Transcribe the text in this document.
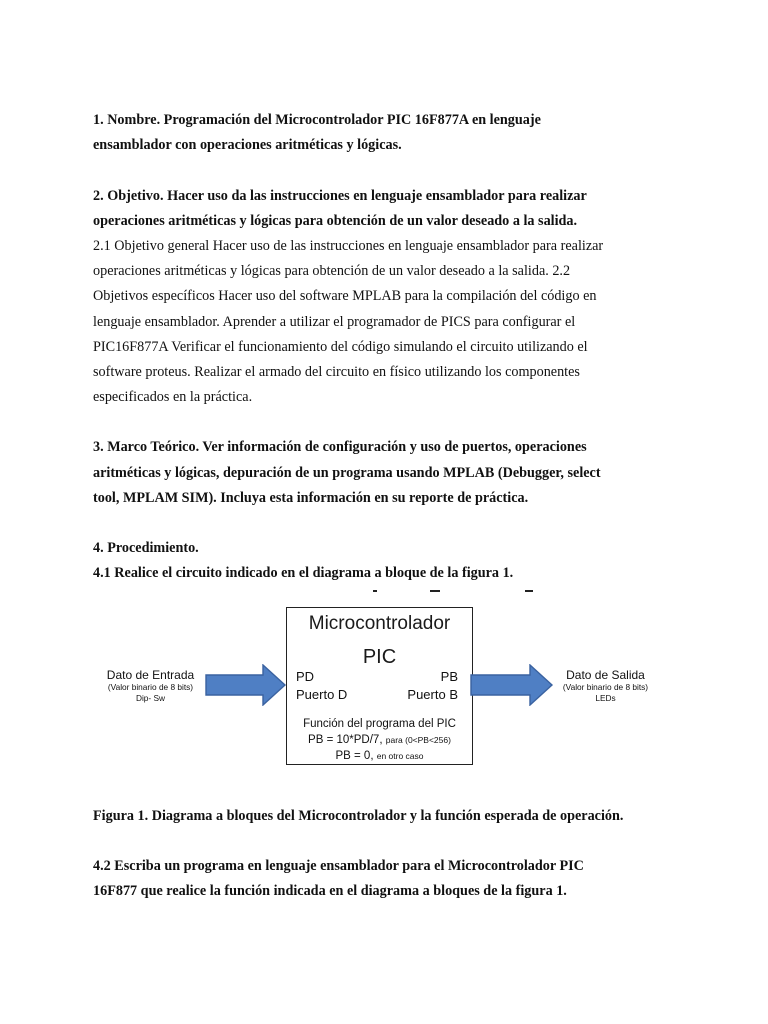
1. Nombre. Programación del Microcontrolador PIC 16F877A en lenguaje

ensamblador con operaciones aritméticas y lógicas.

2. Objetivo. Hacer uso da las instrucciones en lenguaje ensamblador para realizar

operaciones aritméticas y lógicas para obtención de un valor deseado a la salida.

2.1 Objetivo general Hacer uso de las instrucciones en lenguaje ensamblador para realizar

operaciones aritméticas y lógicas para obtención de un valor deseado a la salida. 2.2

Objetivos específicos Hacer uso del software MPLAB para la compilación del código en

lenguaje ensamblador. Aprender a utilizar el programador de PICS para configurar el

PIC16F877A Verificar el funcionamiento del código simulando el circuito utilizando el

software proteus. Realizar el armado del circuito en físico utilizando los componentes

especificados en la práctica.

3. Marco Teórico. Ver información de configuración y uso de puertos, operaciones

aritméticas y lógicas, depuración de un programa usando MPLAB (Debugger, select

tool, MPLAM SIM). Incluya esta información en su reporte de práctica.

4. Procedimiento.

4.1 Realice el circuito indicado en el diagrama a bloque de la figura 1.

Dato de Entrada
(Valor binario de 8 bits)
Dip- Sw
Microcontrolador
PIC
PD
Puerto D
PB
Puerto B
Función del programa del PIC
PB = 10*PD/7, para (0<PB<256)
PB = 0, en otro caso
Dato de Salida
(Valor binario de 8 bits)
LEDs
Figura 1. Diagrama a bloques del Microcontrolador y la función esperada de operación.

4.2 Escriba un programa en lenguaje ensamblador para el Microcontrolador PIC

16F877 que realice la función indicada en el diagrama a bloques de la figura 1.
